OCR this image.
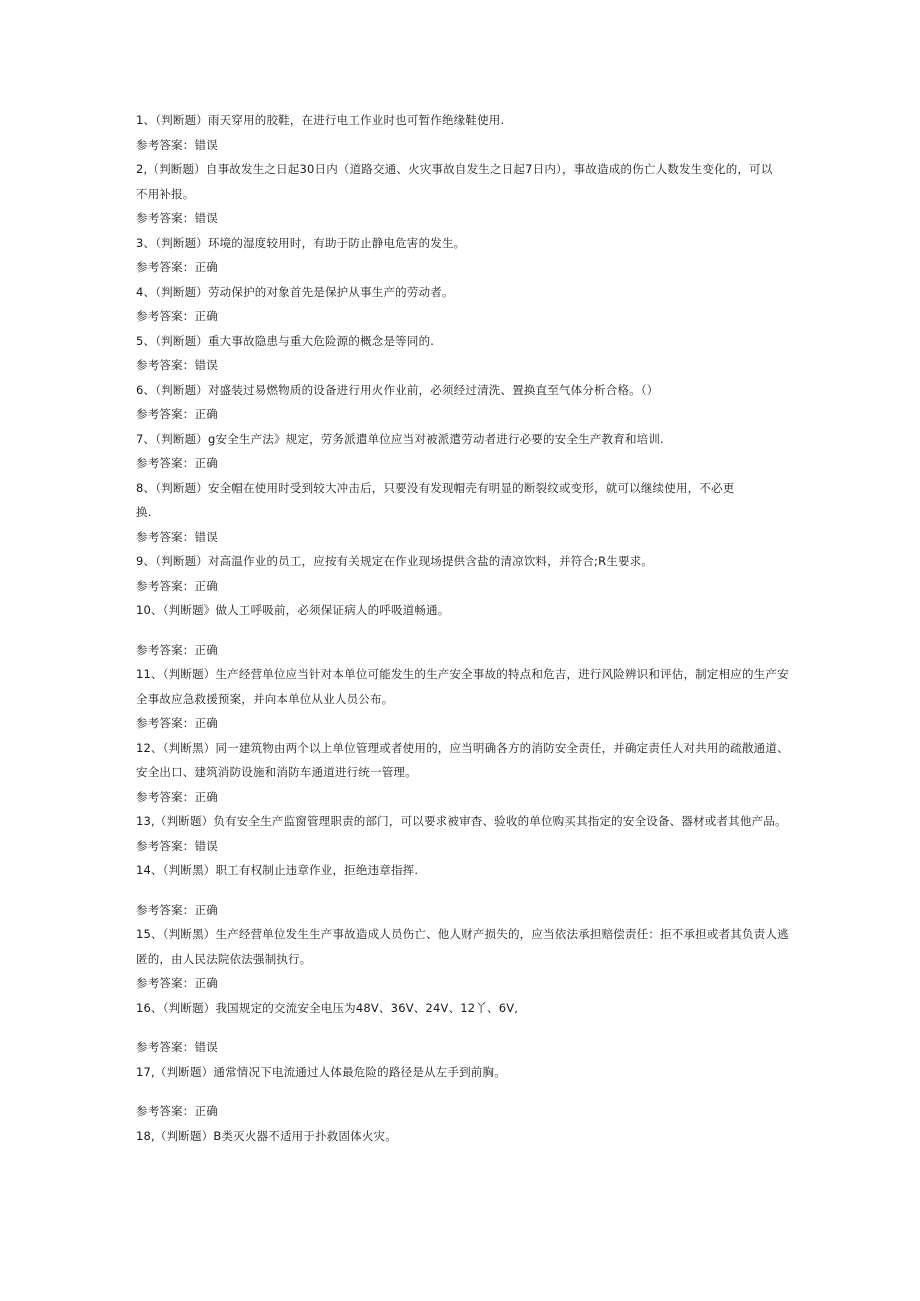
1、（判断题）雨天穿用的胶鞋，在进行电工作业时也可暂作绝缘鞋使用.
参考答案：错误
2,（判断题）自事故发生之日起30日内（道路交通、火灾事故自发生之日起7日内），事故造成的伤亡人数发生变化的，可以
不用补报。
参考答案：错误
3、（判断题）环境的湿度较用时，有助于防止静电危害的发生。
参考答案：正确
4、（判断题）劳动保护的对象首先是保护从事生产的劳动者。
参考答案：正确
5、（判断题）重大事故隐患与重大危险源的概念是等同的.
参考答案：错误
6、（判断题）对盛装过易燃物质的设备进行用火作业前，必须经过清洗、置换直至气体分析合格。（）
参考答案：正确
7、（判断题）g安全生产法》规定，劳务派遣单位应当对被派遣劳动者进行必要的安全生产教育和培训.
参考答案：正确
8、（判断题）安全帽在使用时受到较大冲击后，只要没有发现帽壳有明显的断裂纹或变形，就可以继续使用，不必更
换.
参考答案：错误
9、（判断题）对高温作业的员工，应按有关规定在作业现场提供含盐的清凉饮料，并符合;R生要求。
参考答案：正确
10、（判断题》做人工呼吸前，必须保证病人的呼吸道畅通。
参考答案：正确
11、（判断题）生产经营单位应当针对本单位可能发生的生产安全事故的特点和危吉，进行风险辨识和评估，制定相应的生产安
全事故应急救援预案，并向本单位从业人员公布。
参考答案：正确
12、（判断黑）同一建筑物由两个以上单位管理或者使用的，应当明确各方的消防安全责任，并确定责任人对共用的疏散通道、
安全出口、建筑消防设施和消防车通道进行统一管理。
参考答案：正确
13,（判断题）负有安全生产监窗管理职责的部门，可以要求被审杳、验收的单位购买其指定的安全设备、器材或者其他产品。
参考答案：错误
14、（判断黑）职工有权制止违章作业，拒绝违章指挥.
参考答案：正确
15、（判断黑）生产经营单位发生生产事故造成人员伤亡、他人财产损失的，应当依法承担赔偿责任：拒不承担或者其负责人逃
匿的，由人民法院依法强制执行。
参考答案：正确
16、（判断题）我国规定的交流安全电压为48V、36V、24V、12丫、6V,
参考答案：错误
17,（判断题）通常情况下电流通过人体最危险的路径是从左手到前胸。
参考答案：正确
18,（判断题）B类灭火器不适用于扑救固体火灾。
